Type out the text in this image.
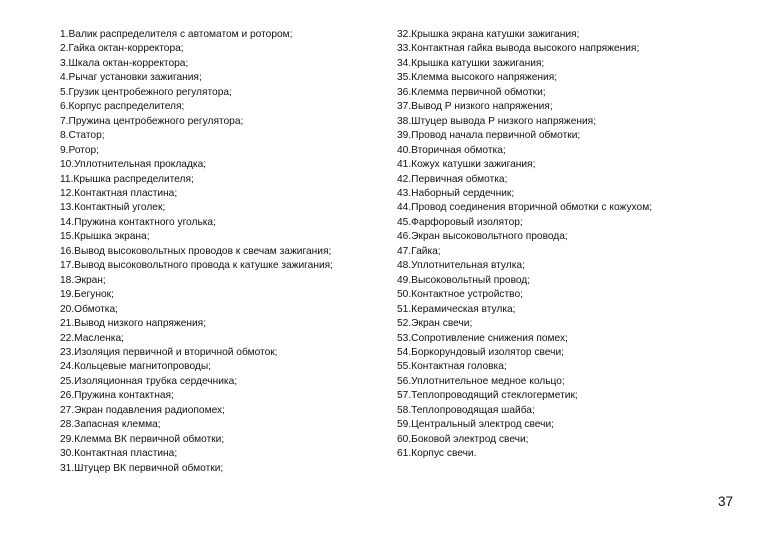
1.Валик распределителя с автоматом и ротором;
2.Гайка октан-корректора;
3.Шкала октан-корректора;
4.Рычаг установки зажигания;
5.Грузик центробежного регулятора;
6.Корпус распределителя;
7.Пружина центробежного регулятора;
8.Статор;
9.Ротор;
10.Уплотнительная прокладка;
11.Крышка распределителя;
12.Контактная пластина;
13.Контактный уголек;
14.Пружина контактного уголька;
15.Крышка экрана;
16.Вывод высоковольтных проводов к свечам зажигания;
17.Вывод высоковольтного провода к катушке зажигания;
18.Экран;
19.Бегунок;
20.Обмотка;
21.Вывод низкого напряжения;
22.Масленка;
23.Изоляция первичной и вторичной обмоток;
24.Кольцевые магнитопроводы;
25.Изоляционная трубка сердечника;
26.Пружина контактная;
27.Экран подавления радиопомех;
28.Запасная клемма;
29.Клемма ВК первичной обмотки;
30.Контактная пластина;
31.Штуцер ВК первичной обмотки;
32.Крышка экрана катушки зажигания;
33.Контактная гайка вывода высокого напряжения;
34.Крышка катушки зажигания;
35.Клемма высокого напряжения;
36.Клемма первичной обмотки;
37.Вывод Р низкого напряжения;
38.Штуцер вывода Р низкого напряжения;
39.Провод начала первичной обмотки;
40.Вторичная обмотка;
41.Кожух катушки зажигания;
42.Первичная обмотка;
43.Наборный сердечник;
44.Провод соединения вторичной обмотки с кожухом;
45.Фарфоровый изолятор;
46.Экран высоковольтного провода;
47.Гайка;
48.Уплотнительная втулка;
49.Высоковольтный провод;
50.Контактное устройство;
51.Керамическая втулка;
52.Экран свечи;
53.Сопротивление снижения помех;
54.Боркорундовый изолятор свечи;
55.Контактная головка;
56.Уплотнительное медное кольцо;
57.Теплопроводящий стеклогерметик;
58.Теплопроводящая шайба;
59.Центральный электрод свечи;
60.Боковой электрод свечи;
61.Корпус свечи.
37
